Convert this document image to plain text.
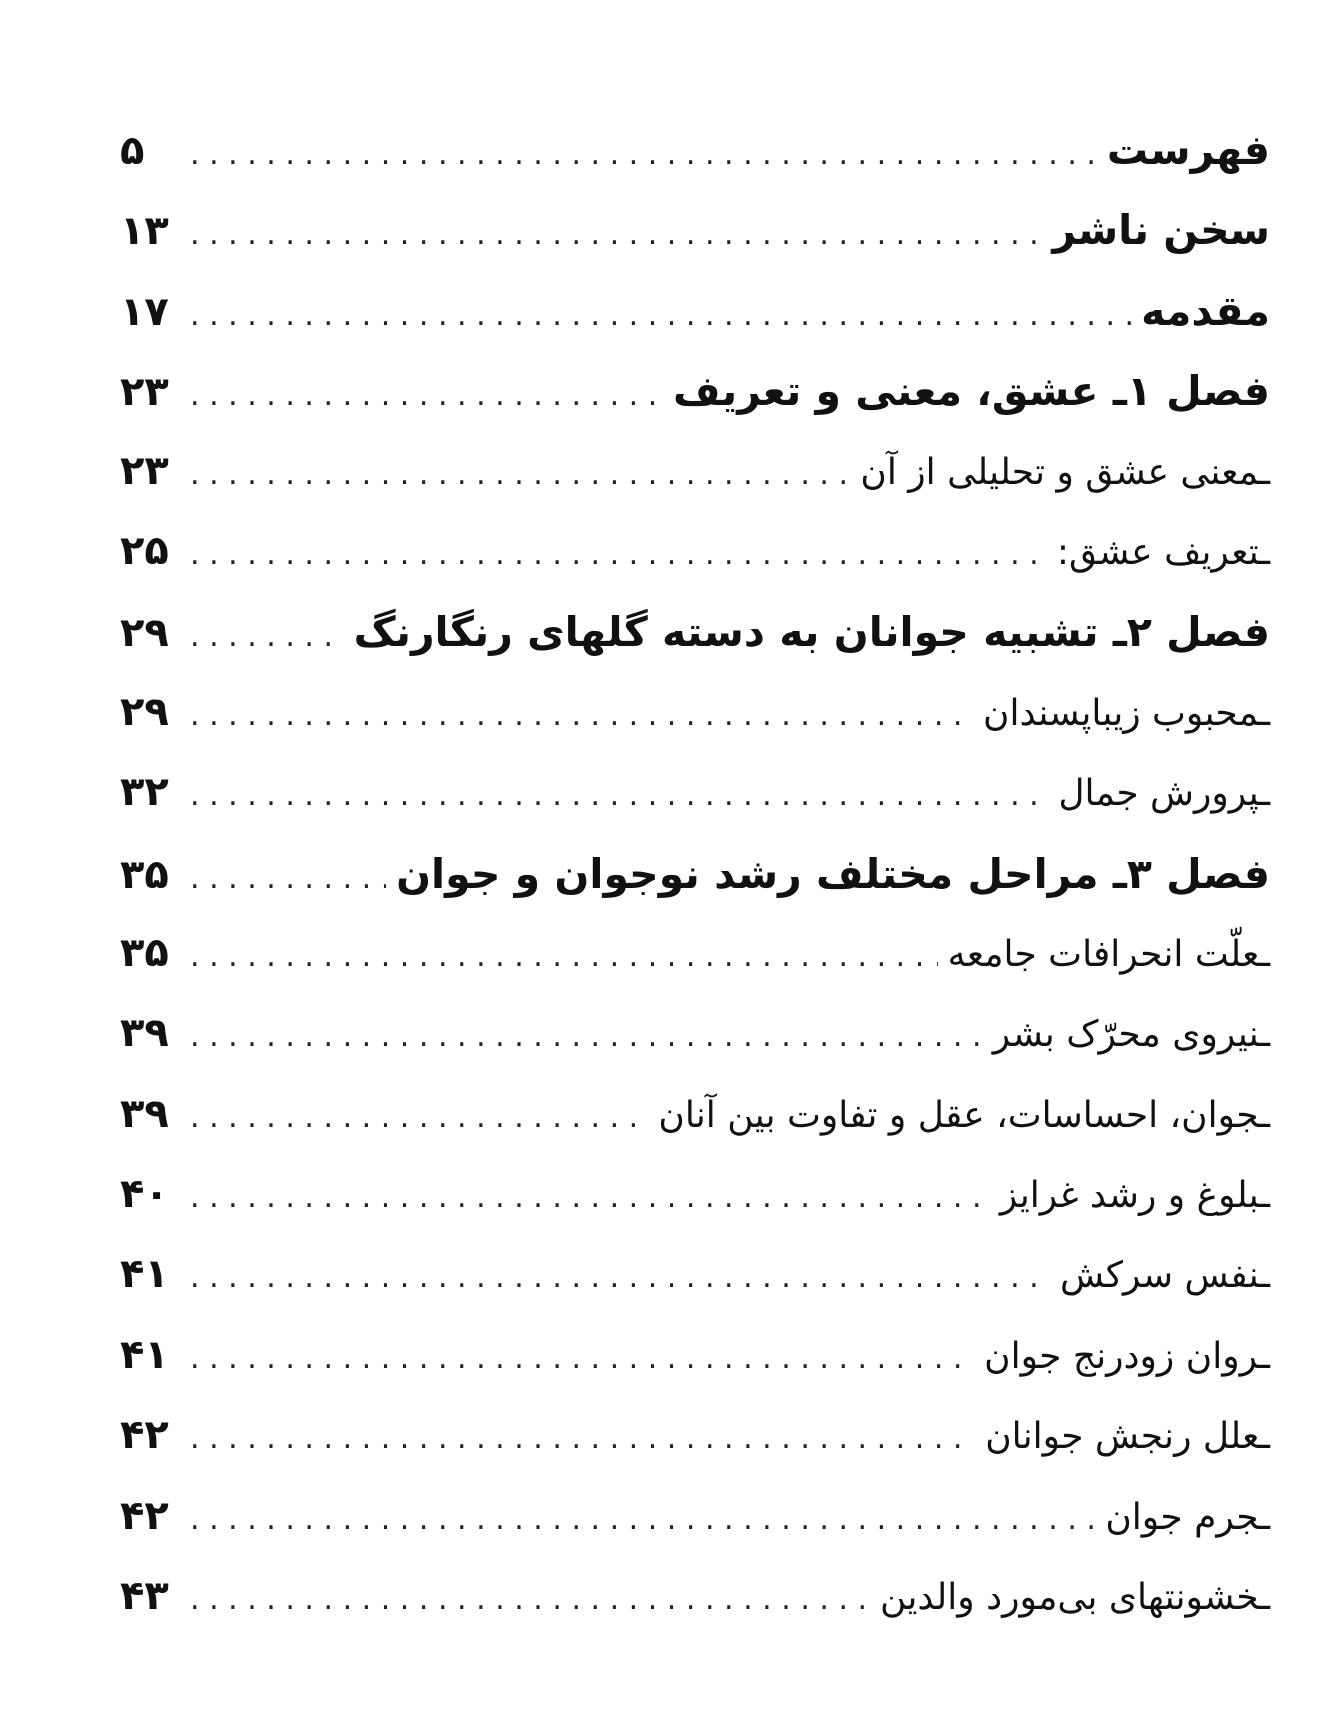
فهرست
. . .
۵
سخن ناشر
. . .
۱۳
مقدمه
. . .
۱۷
فصل ۱ـ عشق، معنی و تعریف
. . .
۲۳
ـ معنی عشق و تحلیلی از آن
. . .
۲۳
ـ تعریف عشق:
. . .
۲۵
فصل ۲ـ تشبیه جوانان به دسته گلهای رنگارنگ
. . .
۲۹
ـ محبوب زیباپسندان
. . .
۲۹
ـ پرورش جمال
. . .
۳۲
فصل ۳ـ مراحل مختلف رشد نوجوان و جوان
. . .
۳۵
ـ علّت انحرافات جامعه
. . .
۳۵
ـ نیروی محرّک بشر
. . .
۳۹
ـ جوان، احساسات، عقل و تفاوت بین آنان
. . .
۳۹
ـ بلوغ و رشد غرایز
. . .
۴۰
ـ نفس سرکش
. . .
۴۱
ـ روان زودرنج جوان
. . .
۴۱
ـ علل رنجش جوانان
. . .
۴۲
ـ جرم جوان
. . .
۴۲
ـ خشونتهای بی‌مورد والدین
. . .
۴۳
